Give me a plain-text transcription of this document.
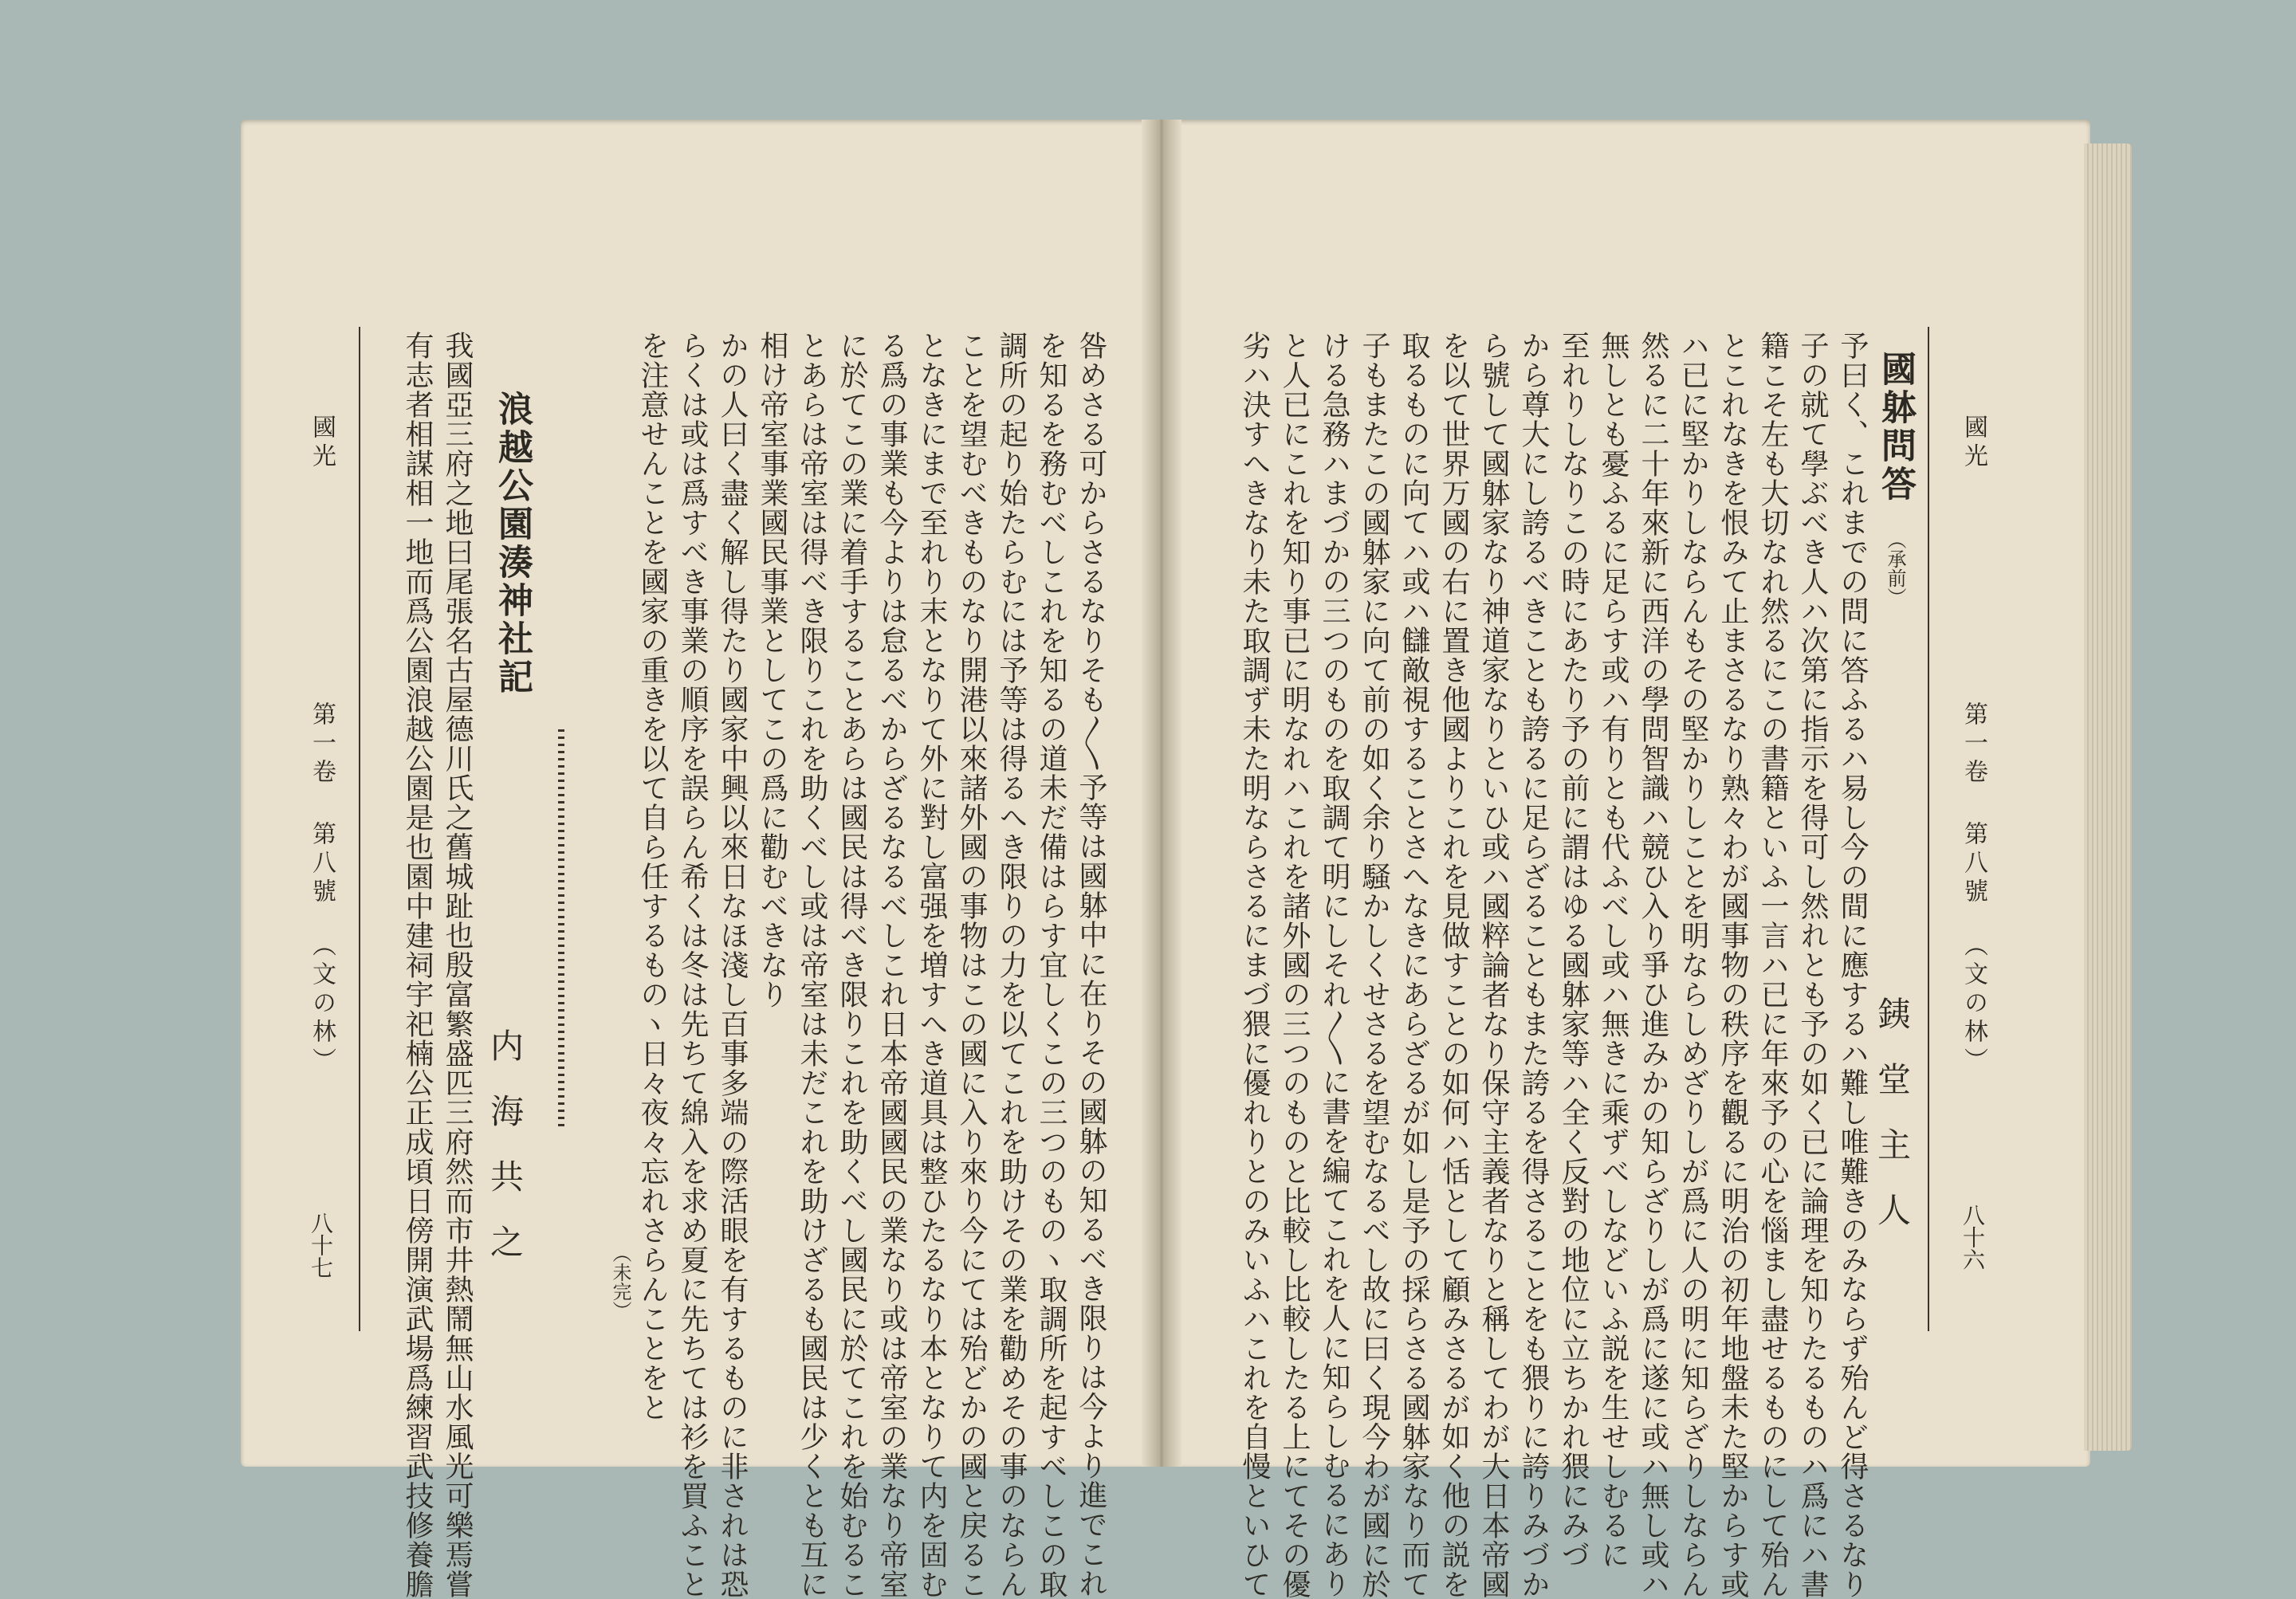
國光
第一卷
第八號
（文の林）
八十六
國躰問答
（承前）
銕堂主人
予曰く、これまでの問に答ふるハ易し今の間に應するハ難し唯難きのみならず殆んど得さるなり
子の就て學ぶべき人ハ次第に指示を得可し然れとも予の如く已に論理を知りたるものハ爲にハ書
籍こそ左も大切なれ然るにこの書籍といふ一言ハ已に年來予の心を惱まし盡せるものにして殆ん
とこれなきを恨みて止まさるなり熟々わが國事物の秩序を觀るに明治の初年地盤未た堅からす或
ハ已に堅かりしならんもその堅かりしことを明ならしめざりしが爲に人の明に知らざりしならん
然るに二十年來新に西洋の學問智識ハ競ひ入り爭ひ進みかの知らざりしが爲に遂に或ハ無し或ハ
無しとも憂ふるに足らす或ハ有りとも代ふべし或ハ無きに乘ずべしなどいふ説を生せしむるに
至れりしなりこの時にあたり予の前に謂はゆる國躰家等ハ全く反對の地位に立ちかれ猥にみづ
から尊大にし誇るべきことも誇るに足らざることもまた誇るを得さることをも猥りに誇りみづか
ら號して國躰家なり神道家なりといひ或ハ國粹論者なり保守主義者なりと稱してわが大日本帝國
を以て世界万國の右に置き他國よりこれを見做すことの如何ハ恬として顧みさるが如く他の説を
取るものに向てハ或ハ讎敵視することさへなきにあらざるが如し是予の採らさる國躰家なり而て
子もまたこの國躰家に向て前の如く余り騒かしくせさるを望むなるべし故に曰く現今わが國に於
ける急務ハまづかの三つのものを取調て明にしそれ〳〵に書を編てこれを人に知らしむるにあり
と人已にこれを知り事已に明なれハこれを諸外國の三つのものと比較し比較したる上にてその優
劣ハ決すへきなり未た取調ず未た明ならさるにまづ猥に優れりとのみいふハこれを自慢といひて
國光
第一卷
第八號
（文の林）
八十七	咎めさる可からさるなりそも〳〵予等は國躰中に在りその國躰の知るべき限りは今より進でこれ
を知るを務むべしこれを知るの道未だ備はらす宜しくこの三つのものヽ取調所を起すべしこの取
調所の起り始たらむには予等は得るへき限りの力を以てこれを助けその業を勸めその事のならん
ことを望むべきものなり開港以來諸外國の事物はこの國に入り來り今にては殆どかの國と戻るこ
となきにまで至れり末となりて外に對し富强を増すへき道具は整ひたるなり本となりて内を固む
る爲の事業も今よりは怠るべからざるなるべしこれ日本帝國國民の業なり或は帝室の業なり帝室
に於てこの業に着手することあらは國民は得べき限りこれを助くべし國民に於てこれを始むるこ
とあらは帝室は得べき限りこれを助くべし或は帝室は未だこれを助けざるも國民は少くとも互に
相け帝室事業國民事業としてこの爲に勸むべきなり
かの人曰く盡く解し得たり國家中興以來日なほ淺し百事多端の際活眼を有するものに非されは恐
らくは或は爲すべき事業の順序を誤らん希くは冬は先ちて綿入を求め夏に先ちては衫を買ふこと
を注意せんことを國家の重きを以て自ら任するものヽ日々夜々忘れさらんことをと
（未完）
浪越公園湊神社記
内海共之
我國亞三府之地曰尾張名古屋德川氏之舊城趾也殷富繁盛匹三府然而市井熱鬧無山水風光可樂焉嘗
有志者相謀相一地而爲公園浪越公園是也園中建祠宇祀楠公正成頃日傍開演武場爲練習武技修養膽
